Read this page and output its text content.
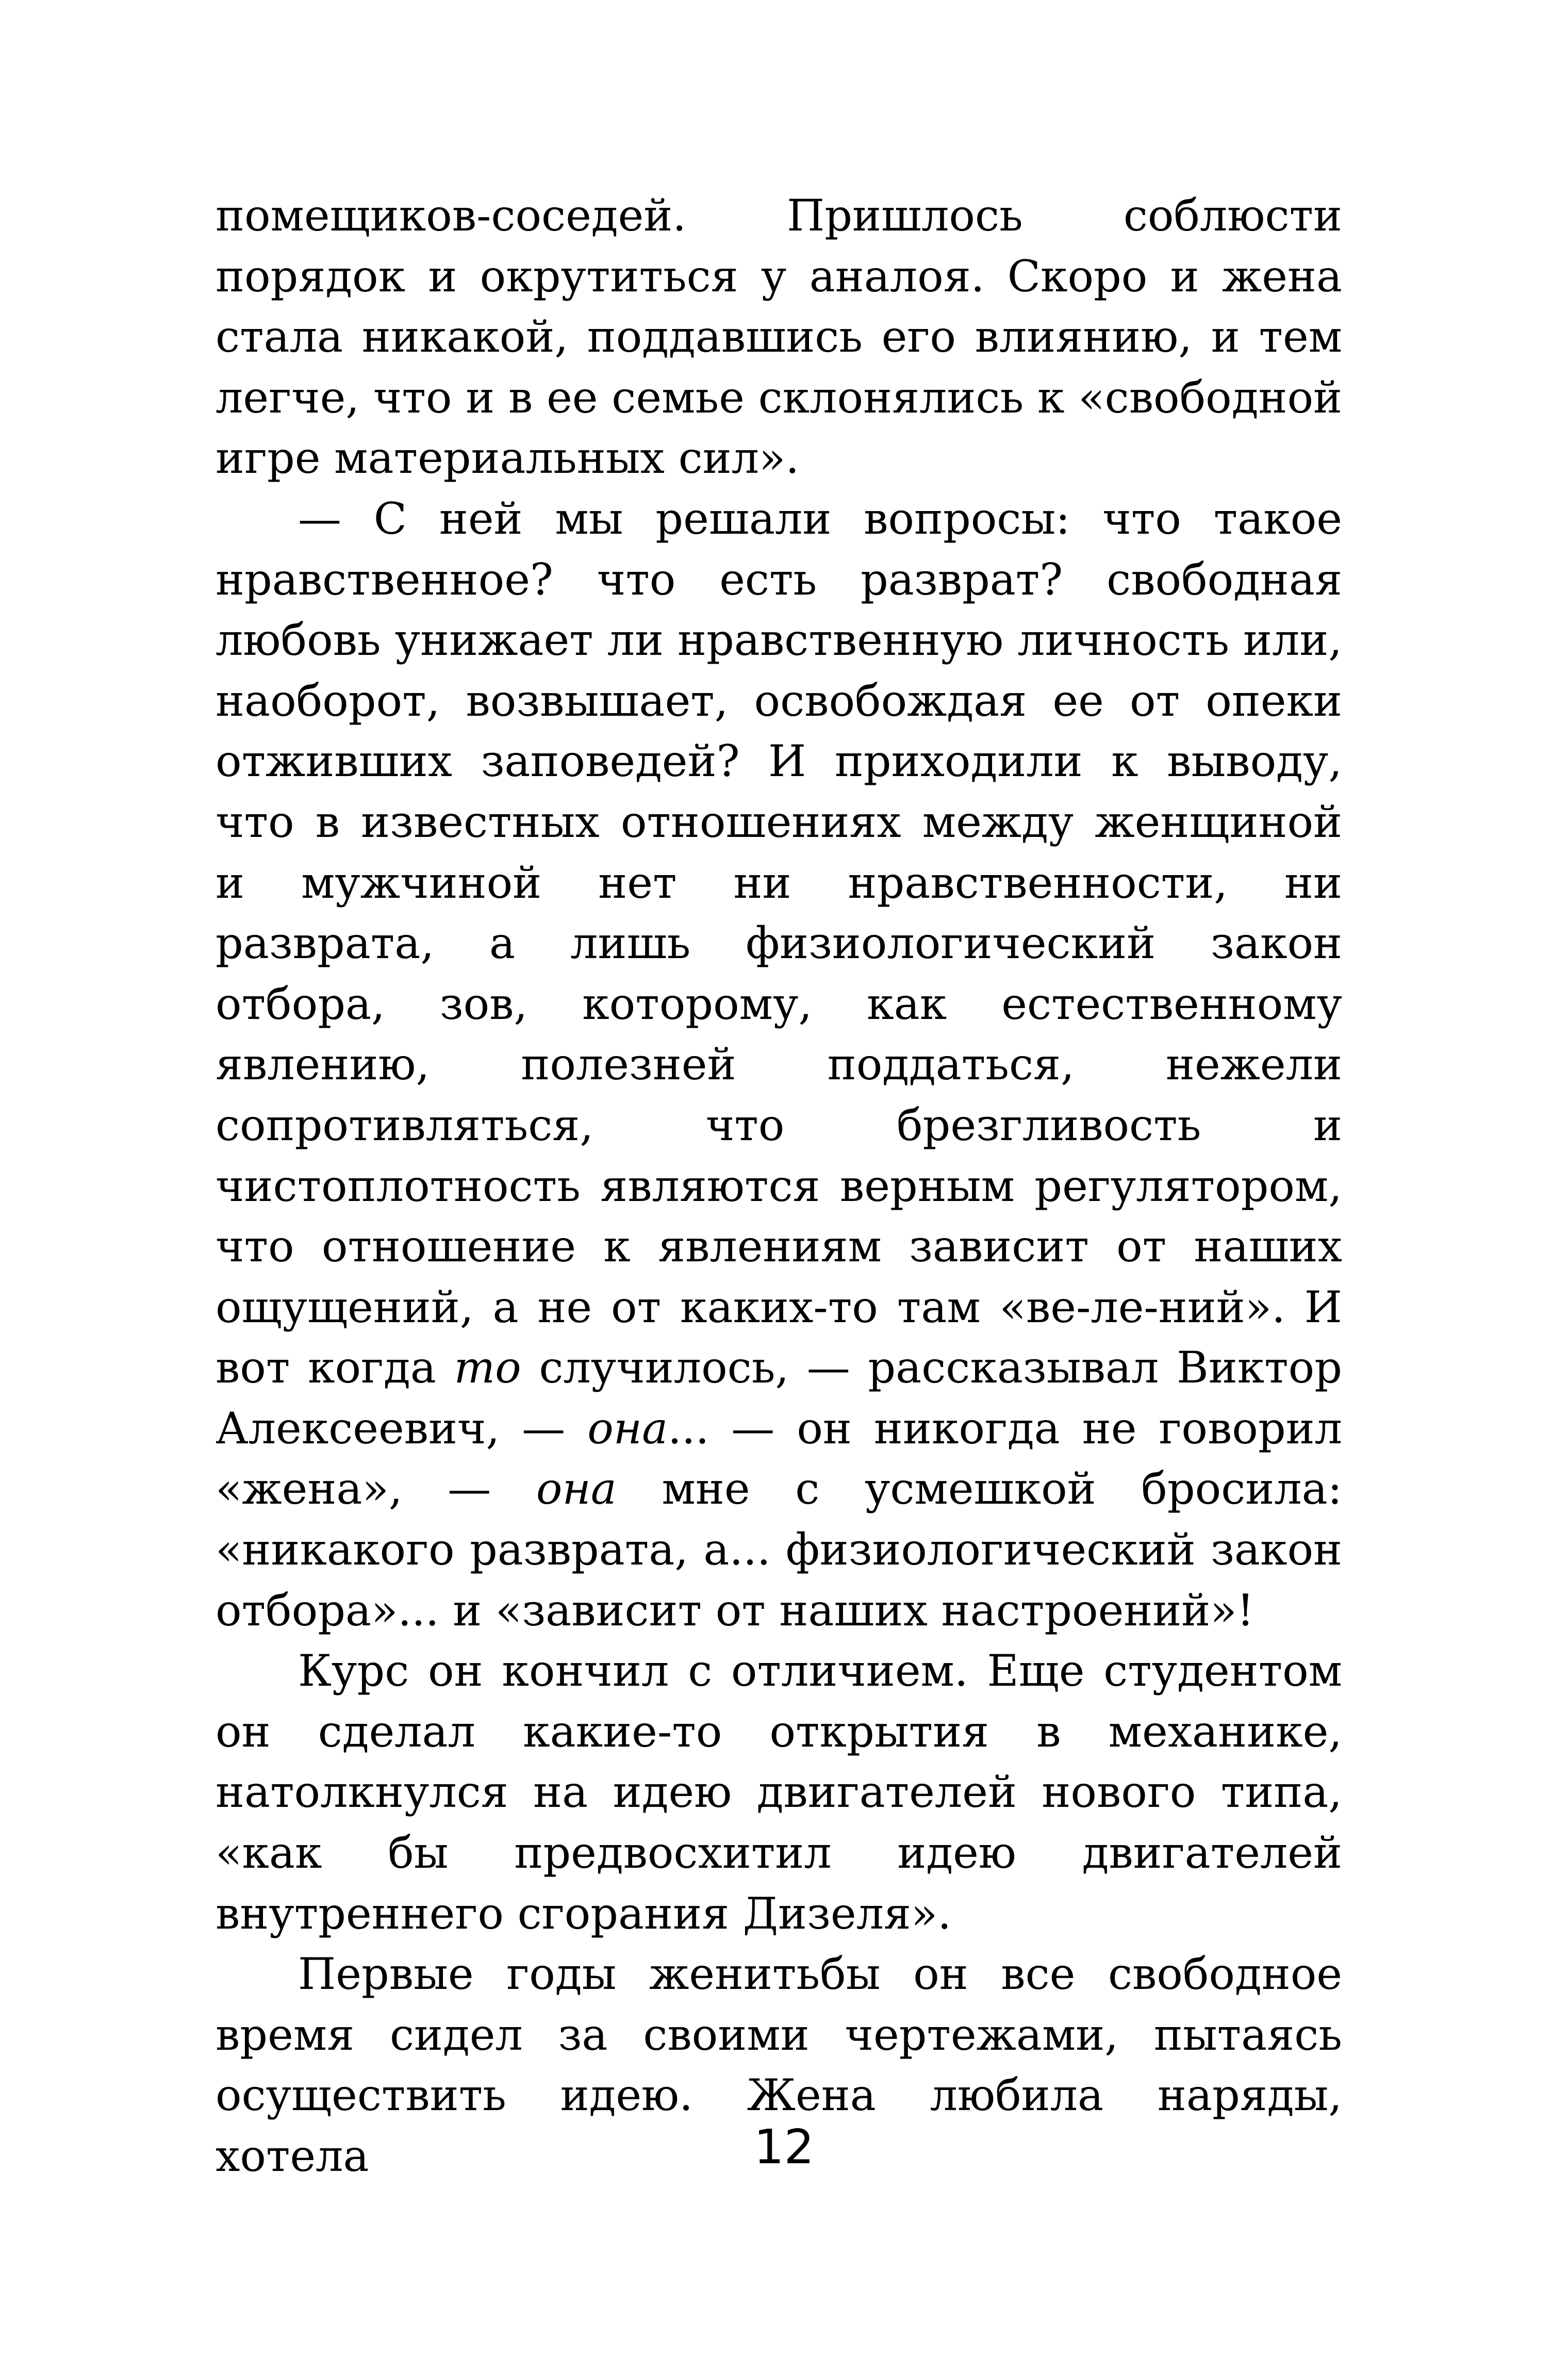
помещиков-соседей. Пришлось соблюсти порядок и окрутиться у аналоя. Скоро и жена стала никакой, поддавшись его влиянию, и тем легче, что и в ее семье склонялись к «свободной игре материальных сил».

— С ней мы решали вопросы: что такое нравственное? что есть разврат? свободная любовь унижает ли нравственную личность или, наоборот, возвышает, освобождая ее от опеки отживших заповедей? И приходили к выводу, что в известных отношениях между женщиной и мужчиной нет ни нравственности, ни разврата, а лишь физиологический закон отбора, зов, которому, как естественному явлению, полезней поддаться, нежели сопротивляться, что брезгливость и чистоплотность являются верным регулятором, что отношение к явлениям зависит от наших ощущений, а не от каких-то там «ве-ле-ний». И вот когда то случилось, — рассказывал Виктор Алексеевич, — она... — он никогда не говорил «жена», — она мне с усмешкой бросила: «никакого разврата, а... физиологический закон отбора»... и «зависит от наших настроений»!

Курс он кончил с отличием. Еще студентом он сделал какие-то открытия в механике, натолкнулся на идею двигателей нового типа, «как бы предвосхитил идею двигателей внутреннего сгорания Дизеля».

Первые годы женитьбы он все свободное время сидел за своими чертежами, пытаясь осуществить идею. Жена любила наряды, хотела	12
